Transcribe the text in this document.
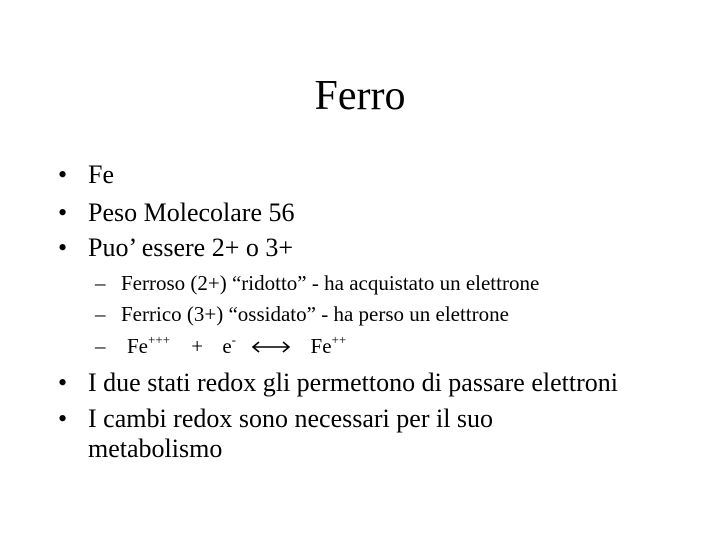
Ferro
• Fe
• Peso Molecolare 56
• Puo’ essere 2+ o 3+
– Ferroso (2+) “ridotto” - ha acquistato un elettrone
– Ferrico (3+) “ossidato” - ha perso un elettrone
– Fe+++ + e-	Fe++
• I due stati redox gli permettono di passare elettroni
• I cambi redox sono necessari per il suo
metabolismo
